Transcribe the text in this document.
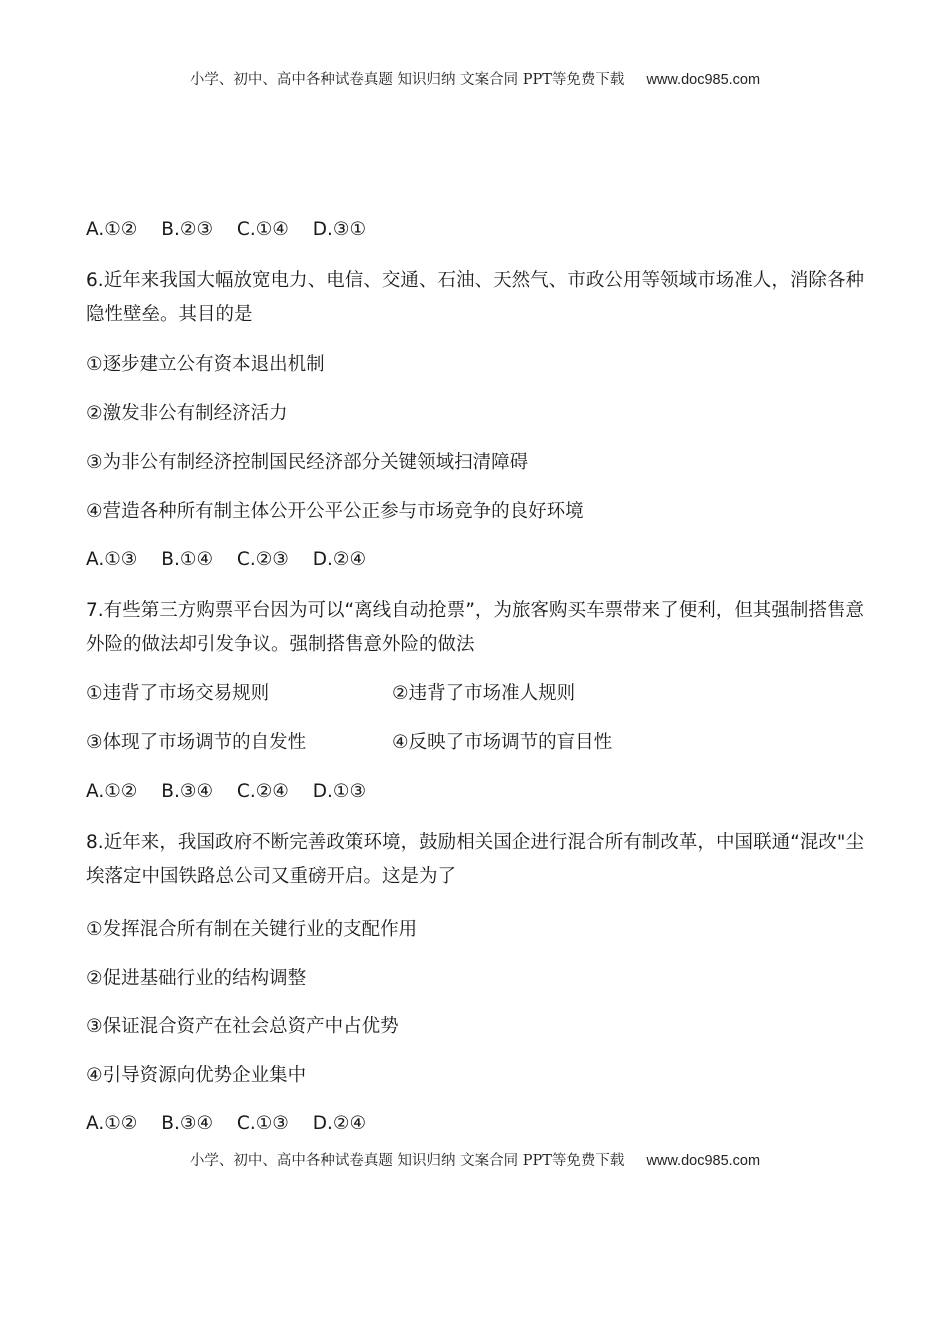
小学、初中、高中各种试卷真题 知识归纳 文案合同 PPT等免费下载 www.doc985.com
A.①② B.②③ C.①④ D.③①
6.近年来我国大幅放宽电力、电信、交通、石油、天然气、市政公用等领域市场准人，消除各种隐性壁垒。其目的是
①逐步建立公有资本退出机制
②激发非公有制经济活力
③为非公有制经济控制国民经济部分关键领域扫清障碍
④营造各种所有制主体公开公平公正参与市场竞争的良好环境
A.①③ B.①④ C.②③ D.②④
7.有些第三方购票平台因为可以“离线自动抢票”，为旅客购买车票带来了便利，但其强制搭售意外险的做法却引发争议。强制搭售意外险的做法
①违背了市场交易规则	②违背了市场准人规则
③体现了市场调节的自发性	④反映了市场调节的盲目性
A.①② B.③④ C.②④ D.①③
8.近年来，我国政府不断完善政策环境，鼓励相关国企进行混合所有制改革，中国联通“混改"尘埃落定中国铁路总公司又重磅开启。这是为了
①发挥混合所有制在关键行业的支配作用
②促进基础行业的结构调整
③保证混合资产在社会总资产中占优势
④引导资源向优势企业集中
A.①② B.③④ C.①③ D.②④
小学、初中、高中各种试卷真题 知识归纳 文案合同 PPT等免费下载 www.doc985.com
